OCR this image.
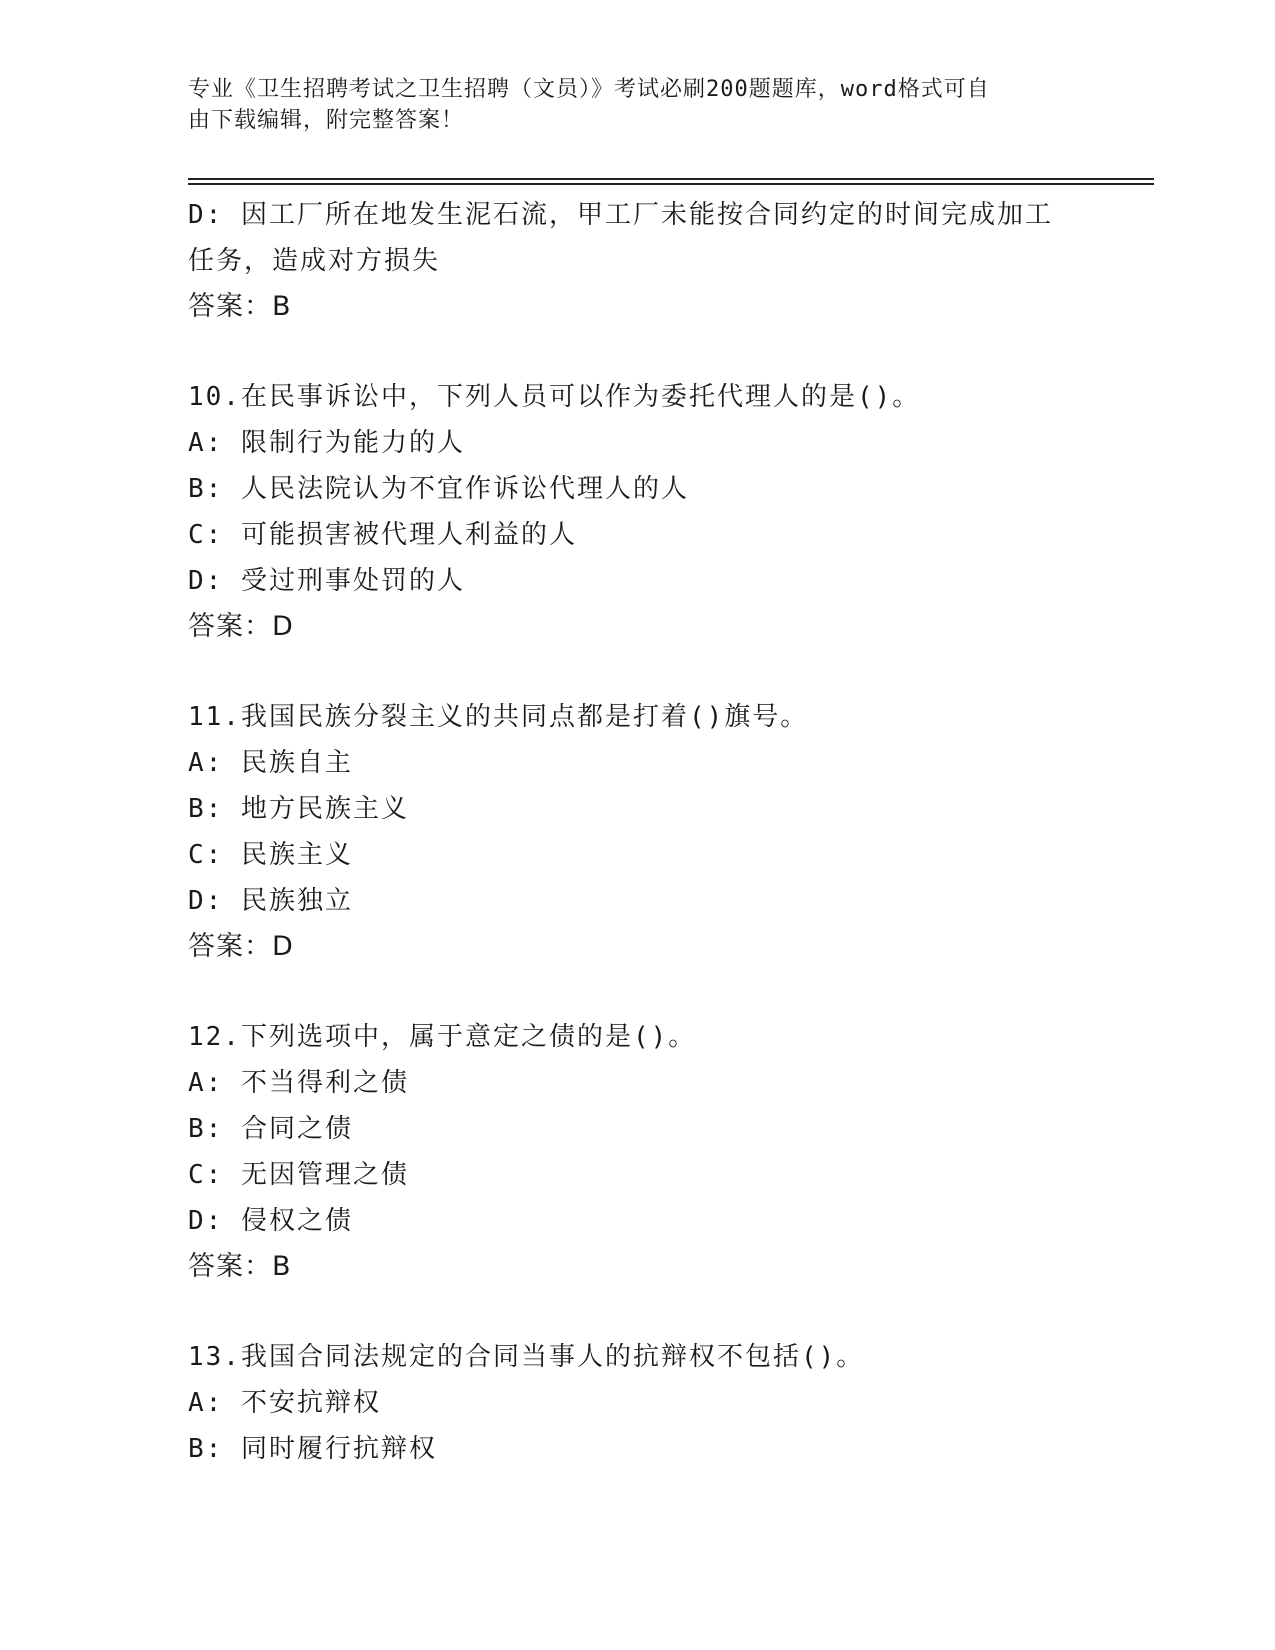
专业《卫生招聘考试之卫生招聘（文员）》考试必刷200题题库，word格式可自
由下载编辑，附完整答案！
D: 因工厂所在地发生泥石流，甲工厂未能按合同约定的时间完成加工
任务，造成对方损失
答案：B
10.在民事诉讼中，下列人员可以作为委托代理人的是()。
A: 限制行为能力的人
B: 人民法院认为不宜作诉讼代理人的人
C: 可能损害被代理人利益的人
D: 受过刑事处罚的人
答案：D
11.我国民族分裂主义的共同点都是打着()旗号。
A: 民族自主
B: 地方民族主义
C: 民族主义
D: 民族独立
答案：D
12.下列选项中，属于意定之债的是()。
A: 不当得利之债
B: 合同之债
C: 无因管理之债
D: 侵权之债
答案：B
13.我国合同法规定的合同当事人的抗辩权不包括()。
A: 不安抗辩权
B: 同时履行抗辩权
